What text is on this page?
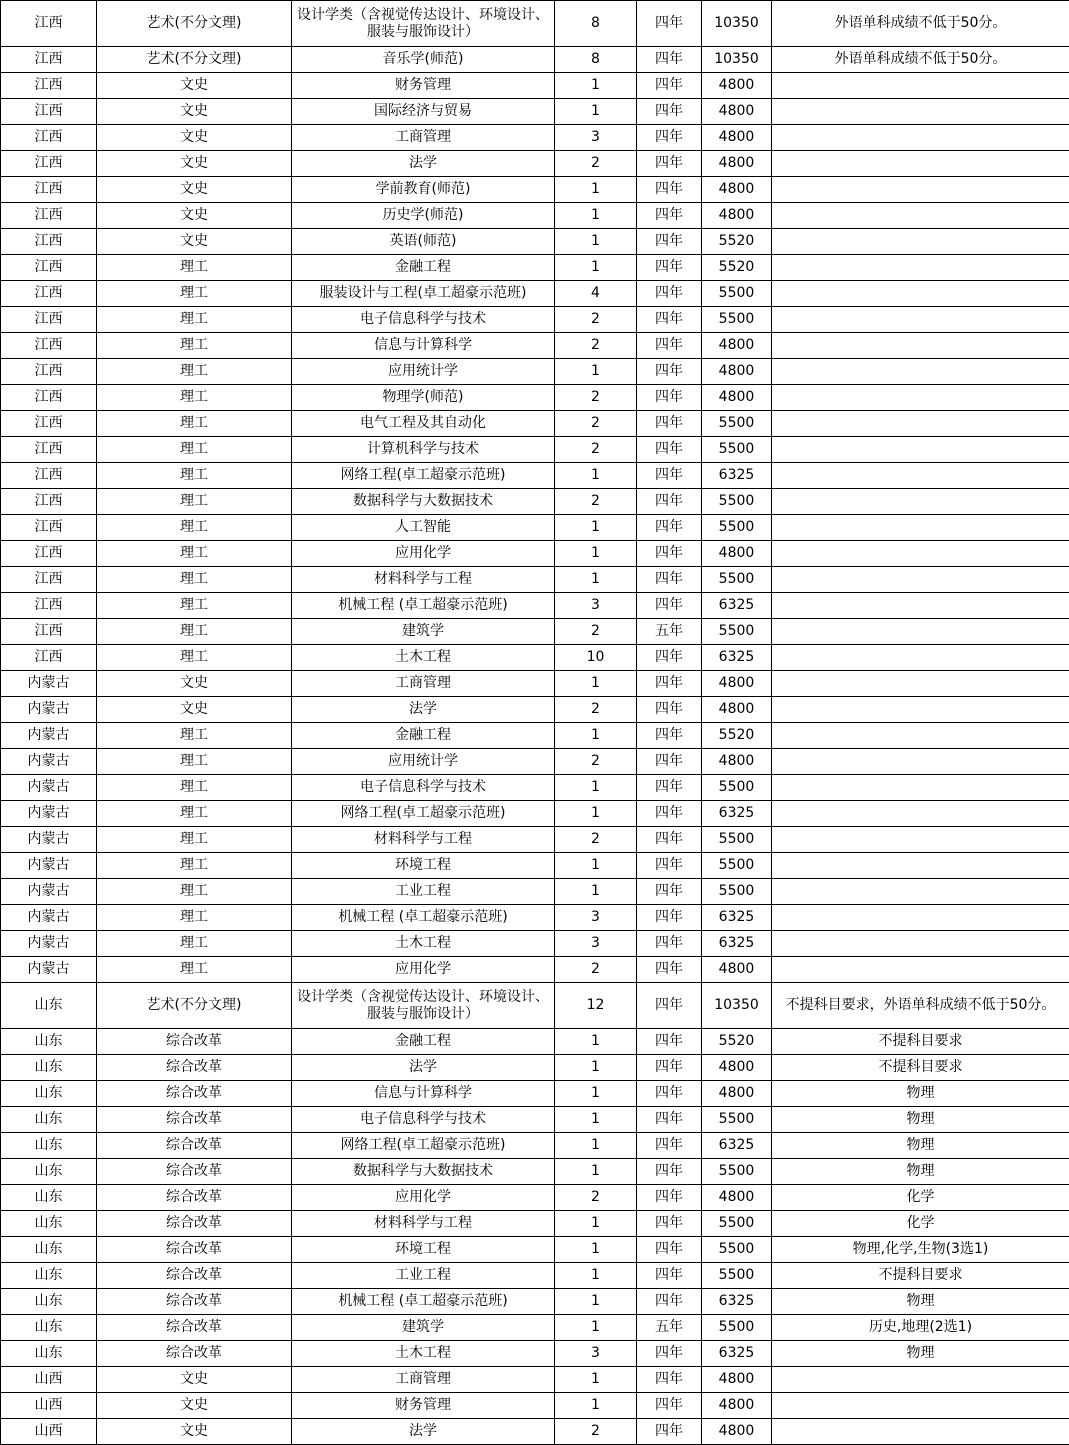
江西	艺术(不分文理)	设计学类（含视觉传达设计、环境设计、服装与服饰设计）	8	四年	10350	外语单科成绩不低于50分。
江西	艺术(不分文理)	音乐学(师范)	8	四年	10350	外语单科成绩不低于50分。
江西	文史	财务管理	1	四年	4800	
江西	文史	国际经济与贸易	1	四年	4800	
江西	文史	工商管理	3	四年	4800	
江西	文史	法学	2	四年	4800	
江西	文史	学前教育(师范)	1	四年	4800	
江西	文史	历史学(师范)	1	四年	4800	
江西	文史	英语(师范)	1	四年	5520	
江西	理工	金融工程	1	四年	5520	
江西	理工	服装设计与工程(卓工超豪示范班)	4	四年	5500	
江西	理工	电子信息科学与技术	2	四年	5500	
江西	理工	信息与计算科学	2	四年	4800	
江西	理工	应用统计学	1	四年	4800	
江西	理工	物理学(师范)	2	四年	4800	
江西	理工	电气工程及其自动化	2	四年	5500	
江西	理工	计算机科学与技术	2	四年	5500	
江西	理工	网络工程(卓工超豪示范班)	1	四年	6325	
江西	理工	数据科学与大数据技术	2	四年	5500	
江西	理工	人工智能	1	四年	5500	
江西	理工	应用化学	1	四年	4800	
江西	理工	材料科学与工程	1	四年	5500	
江西	理工	机械工程 (卓工超豪示范班)	3	四年	6325	
江西	理工	建筑学	2	五年	5500	
江西	理工	土木工程	10	四年	6325	
内蒙古	文史	工商管理	1	四年	4800	
内蒙古	文史	法学	2	四年	4800	
内蒙古	理工	金融工程	1	四年	5520	
内蒙古	理工	应用统计学	2	四年	4800	
内蒙古	理工	电子信息科学与技术	1	四年	5500	
内蒙古	理工	网络工程(卓工超豪示范班)	1	四年	6325	
内蒙古	理工	材料科学与工程	2	四年	5500	
内蒙古	理工	环境工程	1	四年	5500	
内蒙古	理工	工业工程	1	四年	5500	
内蒙古	理工	机械工程 (卓工超豪示范班)	3	四年	6325	
内蒙古	理工	土木工程	3	四年	6325	
内蒙古	理工	应用化学	2	四年	4800	
山东	艺术(不分文理)	设计学类（含视觉传达设计、环境设计、服装与服饰设计）	12	四年	10350	不提科目要求，外语单科成绩不低于50分。
山东	综合改革	金融工程	1	四年	5520	不提科目要求
山东	综合改革	法学	1	四年	4800	不提科目要求
山东	综合改革	信息与计算科学	1	四年	4800	物理
山东	综合改革	电子信息科学与技术	1	四年	5500	物理
山东	综合改革	网络工程(卓工超豪示范班)	1	四年	6325	物理
山东	综合改革	数据科学与大数据技术	1	四年	5500	物理
山东	综合改革	应用化学	2	四年	4800	化学
山东	综合改革	材料科学与工程	1	四年	5500	化学
山东	综合改革	环境工程	1	四年	5500	物理,化学,生物(3选1)
山东	综合改革	工业工程	1	四年	5500	不提科目要求
山东	综合改革	机械工程 (卓工超豪示范班)	1	四年	6325	物理
山东	综合改革	建筑学	1	五年	5500	历史,地理(2选1)
山东	综合改革	土木工程	3	四年	6325	物理
山西	文史	工商管理	1	四年	4800	
山西	文史	财务管理	1	四年	4800	
山西	文史	法学	2	四年	4800	
